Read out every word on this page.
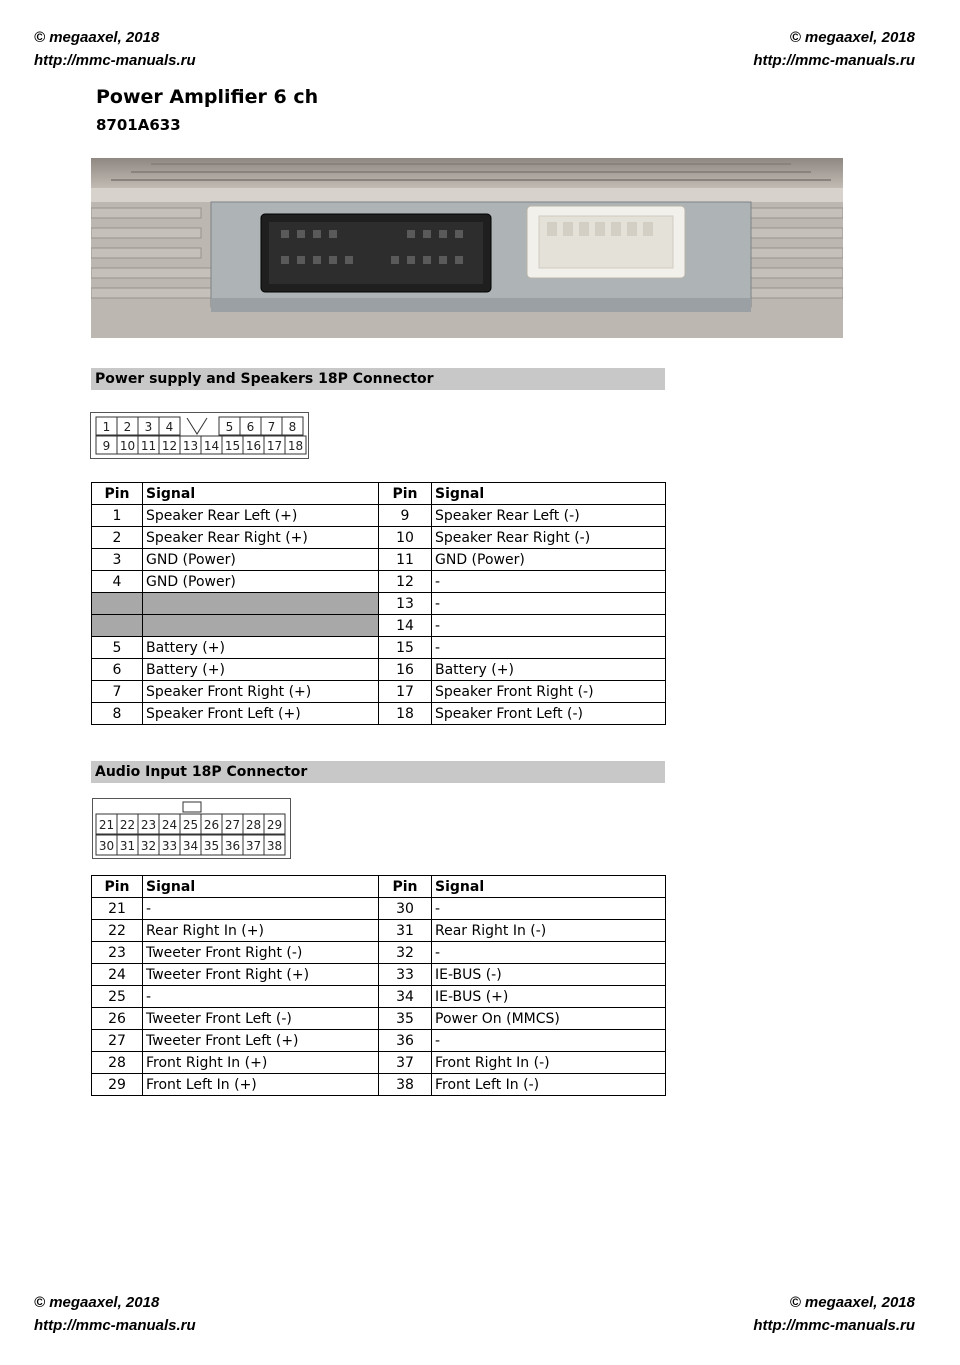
© megaaxel, 2018
http://mmc-manuals.ru
© megaaxel, 2018
http://mmc-manuals.ru
Power Amplifier 6 ch
8701A633
Power supply and Speakers 18P Connector
1 2 3 4	5 6 7 8
9 10 11 12 13 14 15 16 17 18
Pin	Signal	Pin	Signal
1	Speaker Rear Left (+)	9	Speaker Rear Left (-)
2	Speaker Rear Right (+)	10	Speaker Rear Right (-)
3	GND (Power)	11	GND (Power)
4	GND (Power)	12	-
		13	-
		14	-
5	Battery (+)	15	-
6	Battery (+)	16	Battery (+)
7	Speaker Front Right (+)	17	Speaker Front Right (-)
8	Speaker Front Left (+)	18	Speaker Front Left (-)
Audio Input 18P Connector
21 22 23 24 25 26 27 28 29
30 31 32 33 34 35 36 37 38
Pin	Signal	Pin	Signal
21	-	30	-
22	Rear Right In (+)	31	Rear Right In (-)
23	Tweeter Front Right (-)	32	-
24	Tweeter Front Right (+)	33	IE-BUS (-)
25	-	34	IE-BUS (+)
26	Tweeter Front Left (-)	35	Power On (MMCS)
27	Tweeter Front Left (+)	36	-
28	Front Right In (+)	37	Front Right In (-)
29	Front Left In (+)	38	Front Left In (-)
© megaaxel, 2018
http://mmc-manuals.ru
© megaaxel, 2018
http://mmc-manuals.ru
